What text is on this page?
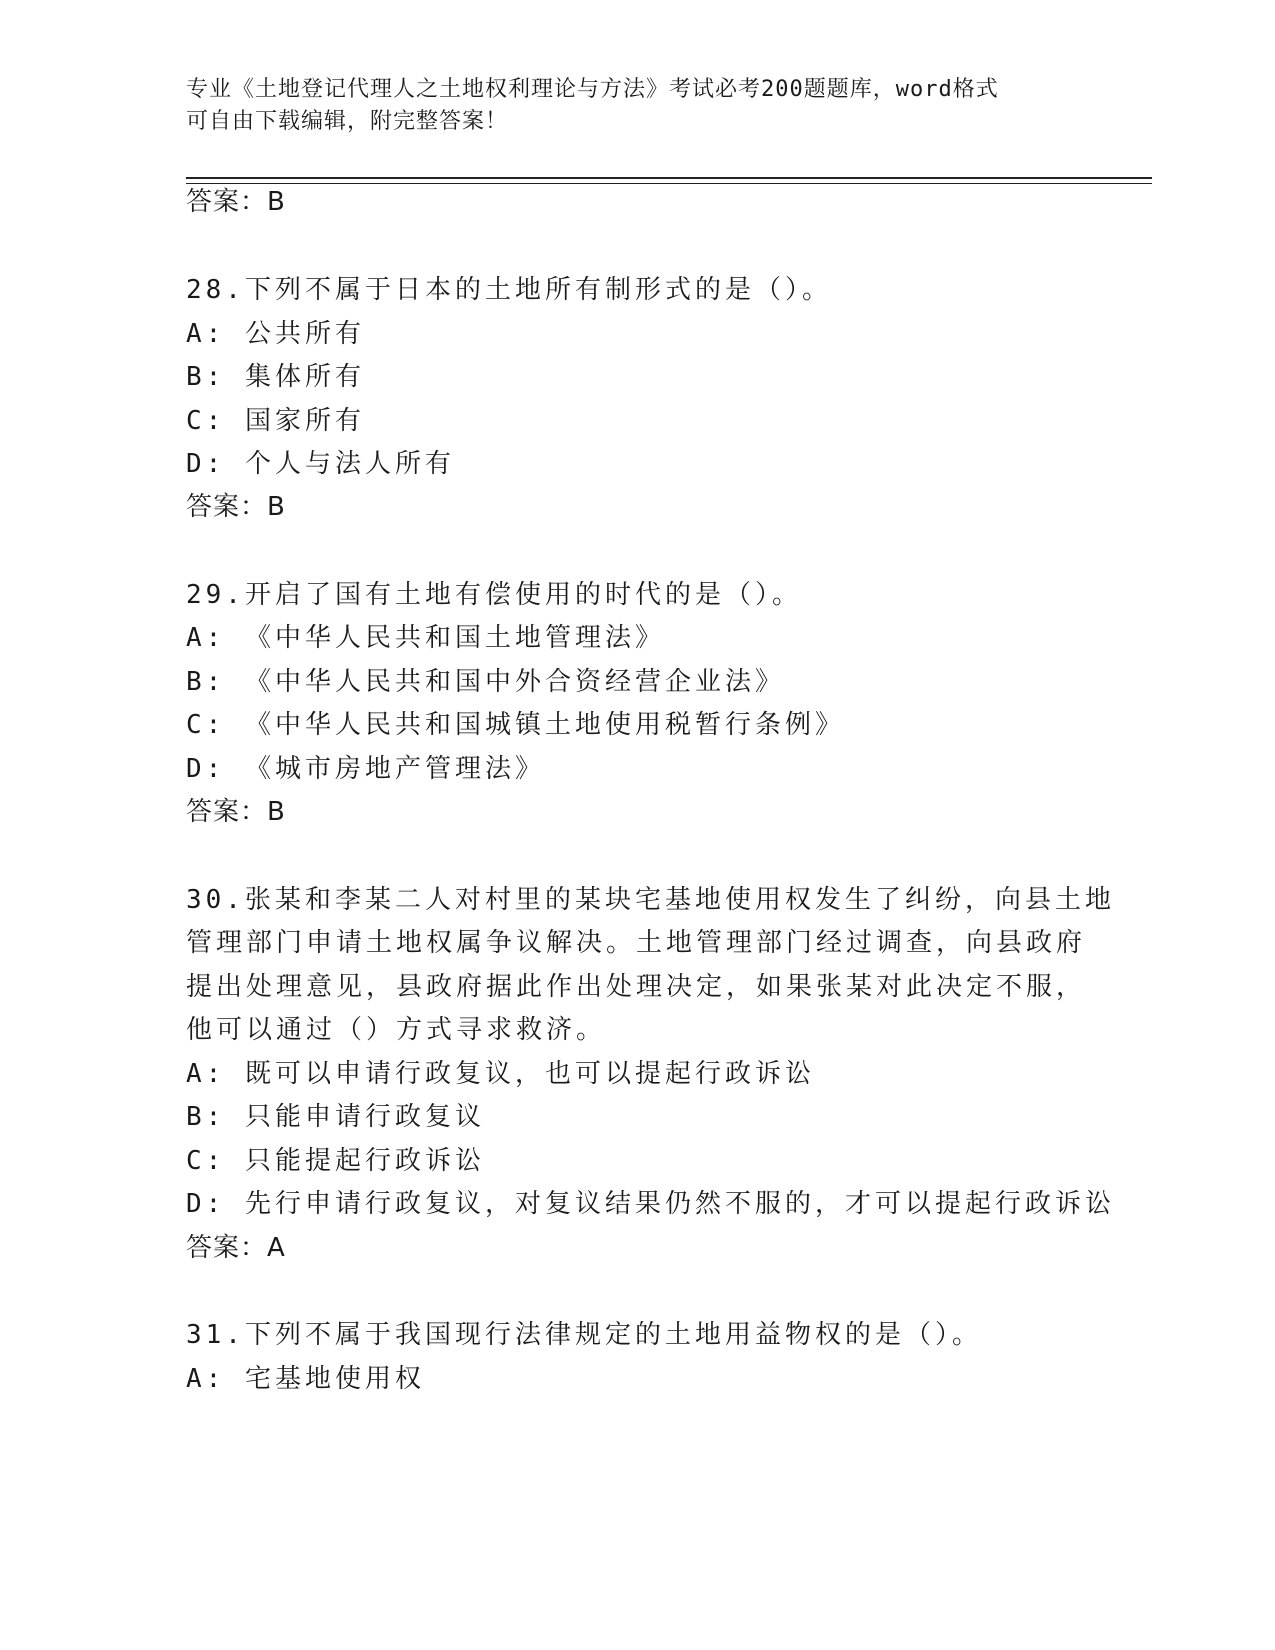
专业《土地登记代理人之土地权利理论与方法》考试必考200题题库，word格式
可自由下载编辑，附完整答案！
答案：B
28.下列不属于日本的土地所有制形式的是（）。
A: 公共所有
B: 集体所有
C: 国家所有
D: 个人与法人所有
答案：B
29.开启了国有土地有偿使用的时代的是（）。
A: 《中华人民共和国土地管理法》
B: 《中华人民共和国中外合资经营企业法》
C: 《中华人民共和国城镇土地使用税暂行条例》
D: 《城市房地产管理法》
答案：B
30.张某和李某二人对村里的某块宅基地使用权发生了纠纷，向县土地
管理部门申请土地权属争议解决。土地管理部门经过调查，向县政府
提出处理意见，县政府据此作出处理决定，如果张某对此决定不服，
他可以通过（）方式寻求救济。
A: 既可以申请行政复议，也可以提起行政诉讼
B: 只能申请行政复议
C: 只能提起行政诉讼
D: 先行申请行政复议，对复议结果仍然不服的，才可以提起行政诉讼
答案：A
31.下列不属于我国现行法律规定的土地用益物权的是（）。
A: 宅基地使用权
